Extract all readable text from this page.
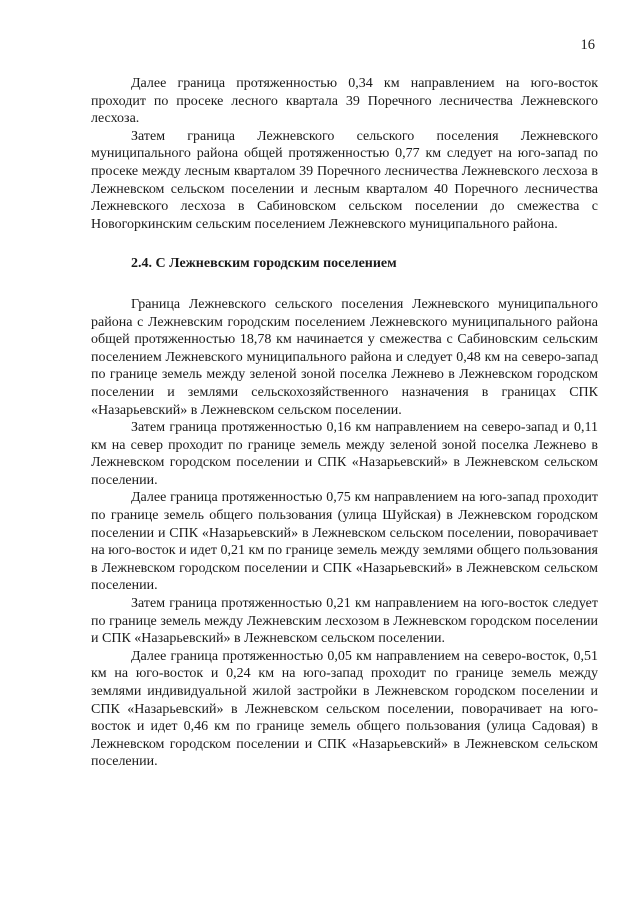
16

Далее граница протяженностью 0,34 км направлением на юго-восток проходит по просеке лесного квартала 39 Поречного лесничества Лежневского лесхоза.

Затем граница Лежневского сельского поселения Лежневского муниципального района общей протяженностью 0,77 км следует на юго-запад по просеке между лесным кварталом 39 Поречного лесничества Лежневского лесхоза в Лежневском сельском поселении и лесным кварталом 40 Поречного лесничества Лежневского лесхоза в Сабиновском сельском поселении до смежества с Новогоркинским сельским поселением Лежневского муниципального района.

2.4. С Лежневским городским поселением

Граница Лежневского сельского поселения Лежневского муниципального района с Лежневским городским поселением Лежневского муниципального района общей протяженностью 18,78 км начинается у смежества с Сабиновским сельским поселением Лежневского муниципального района и следует 0,48 км на северо-запад по границе земель между зеленой зоной поселка Лежнево в Лежневском городском поселении и землями сельскохозяйственного назначения в границах СПК «Назарьевский» в Лежневском сельском поселении.

Затем граница протяженностью 0,16 км направлением на северо-запад и 0,11 км на север проходит по границе земель между зеленой зоной поселка Лежнево в Лежневском городском поселении и СПК «Назарьевский» в Лежневском сельском поселении.

Далее граница протяженностью 0,75 км направлением на юго-запад проходит по границе земель общего пользования (улица Шуйская) в Лежневском городском поселении и СПК «Назарьевский» в Лежневском сельском поселении, поворачивает на юго-восток и идет 0,21 км по границе земель между землями общего пользования в Лежневском городском поселении и СПК «Назарьевский» в Лежневском сельском поселении.

Затем граница протяженностью 0,21 км направлением на юго-восток следует по границе земель между Лежневским лесхозом в Лежневском городском поселении и СПК «Назарьевский» в Лежневском сельском поселении.

Далее граница протяженностью 0,05 км направлением на северо-восток, 0,51 км на юго-восток и 0,24 км на юго-запад проходит по границе земель между землями индивидуальной жилой застройки в Лежневском городском поселении и СПК «Назарьевский» в Лежневском сельском поселении, поворачивает на юго-восток и идет 0,46 км по границе земель общего пользования (улица Садовая) в Лежневском городском поселении и СПК «Назарьевский» в Лежневском сельском поселении.
